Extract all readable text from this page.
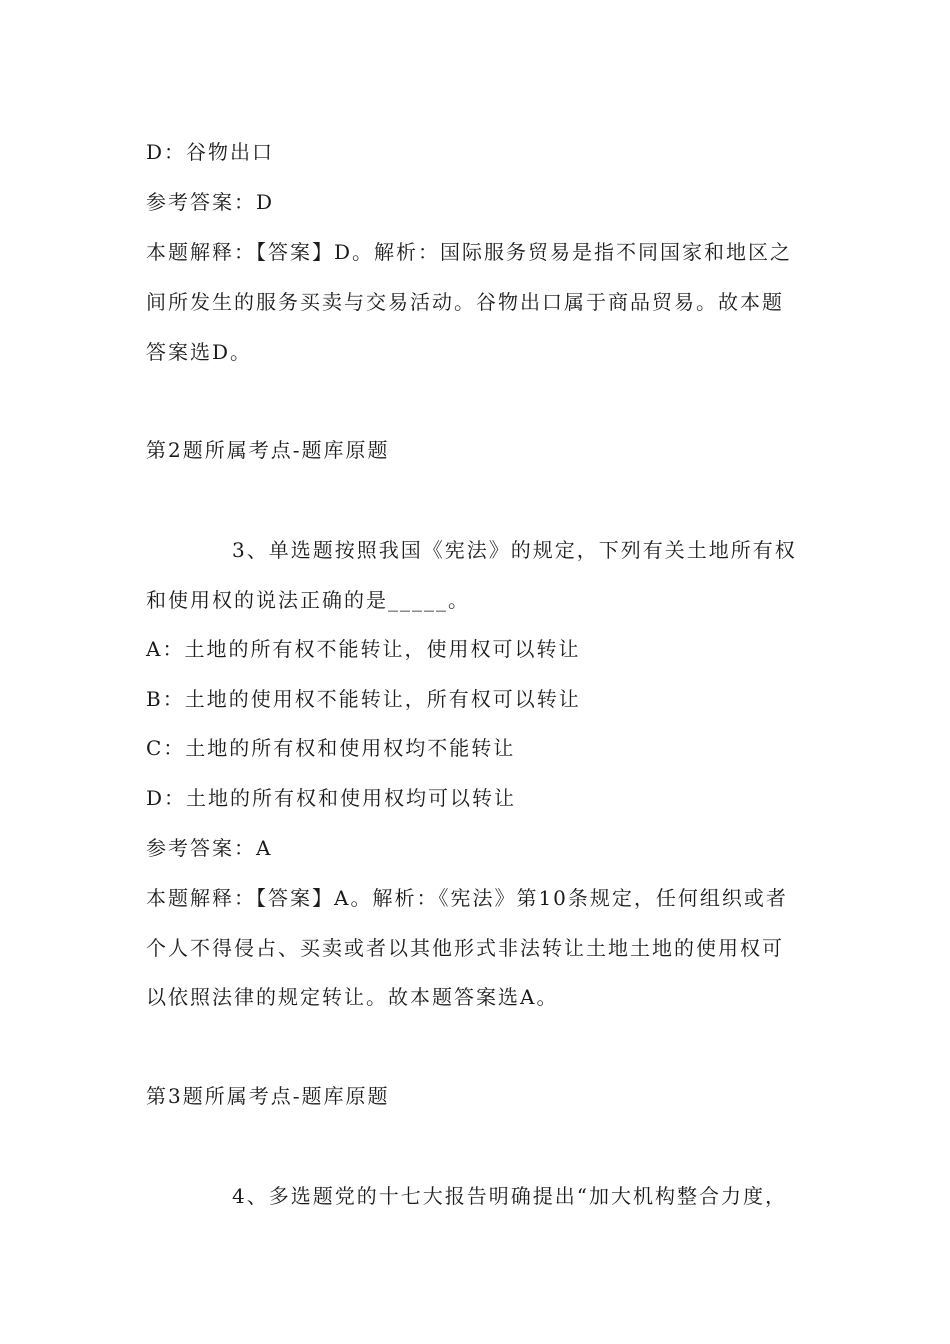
D：谷物出口
参考答案：D
本题解释：【答案】D。解析：国际服务贸易是指不同国家和地区之
间所发生的服务买卖与交易活动。谷物出口属于商品贸易。故本题
答案选D。
第2题所属考点-题库原题
3、单选题按照我国《宪法》的规定，下列有关土地所有权
和使用权的说法正确的是_____。
A：土地的所有权不能转让，使用权可以转让
B：土地的使用权不能转让，所有权可以转让
C：土地的所有权和使用权均不能转让
D：土地的所有权和使用权均可以转让
参考答案：A
本题解释：【答案】A。解析：《宪法》第10条规定，任何组织或者
个人不得侵占、买卖或者以其他形式非法转让土地土地的使用权可
以依照法律的规定转让。故本题答案选A。
第3题所属考点-题库原题
4、多选题党的十七大报告明确提出“加大机构整合力度，
